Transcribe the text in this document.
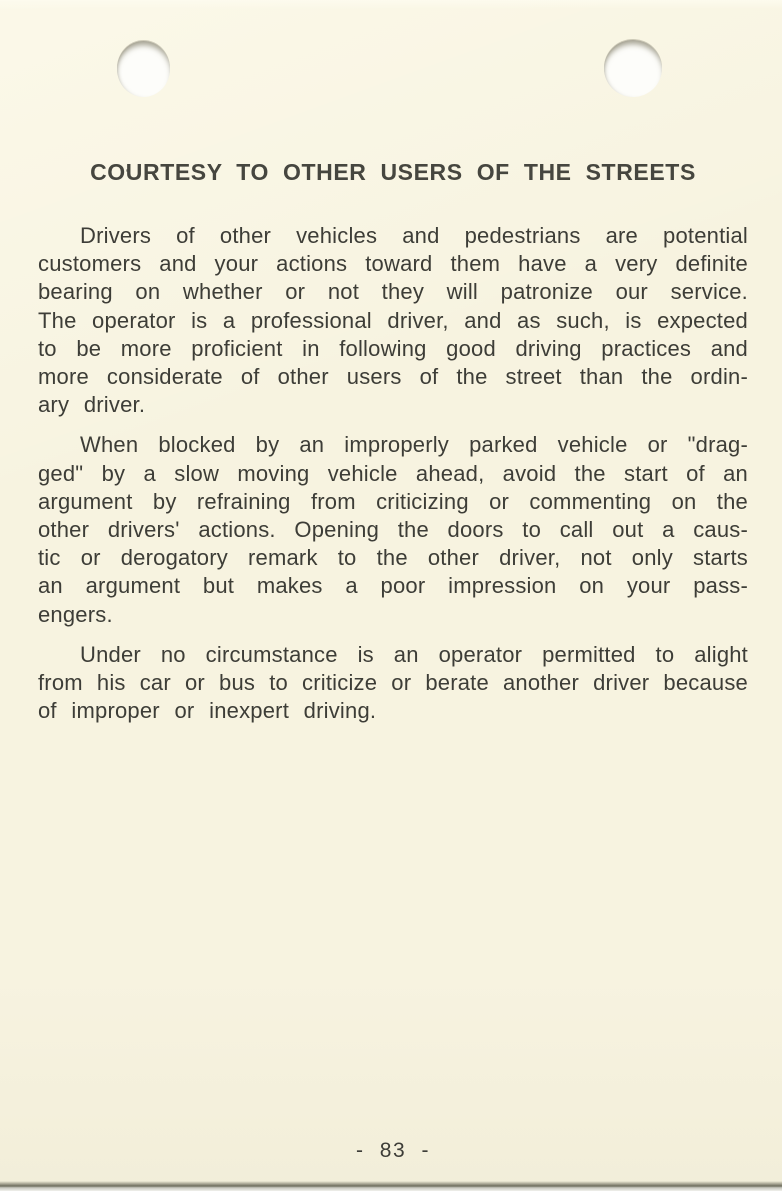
COURTESY TO OTHER USERS OF THE STREETS
Drivers of other vehicles and pedestrians are potential
customers and your actions toward them have a very definite
bearing on whether or not they will patronize our service.
The operator is a professional driver, and as such, is expected
to be more proficient in following good driving practices and
more considerate of other users of the street than the ordin-
ary driver.
When blocked by an improperly parked vehicle or "drag-
ged" by a slow moving vehicle ahead, avoid the start of an
argument by refraining from criticizing or commenting on the
other drivers' actions. Opening the doors to call out a caus-
tic or derogatory remark to the other driver, not only starts
an argument but makes a poor impression on your pass-
engers.
Under no circumstance is an operator permitted to alight
from his car or bus to criticize or berate another driver because
of improper or inexpert driving.
- 83 -
